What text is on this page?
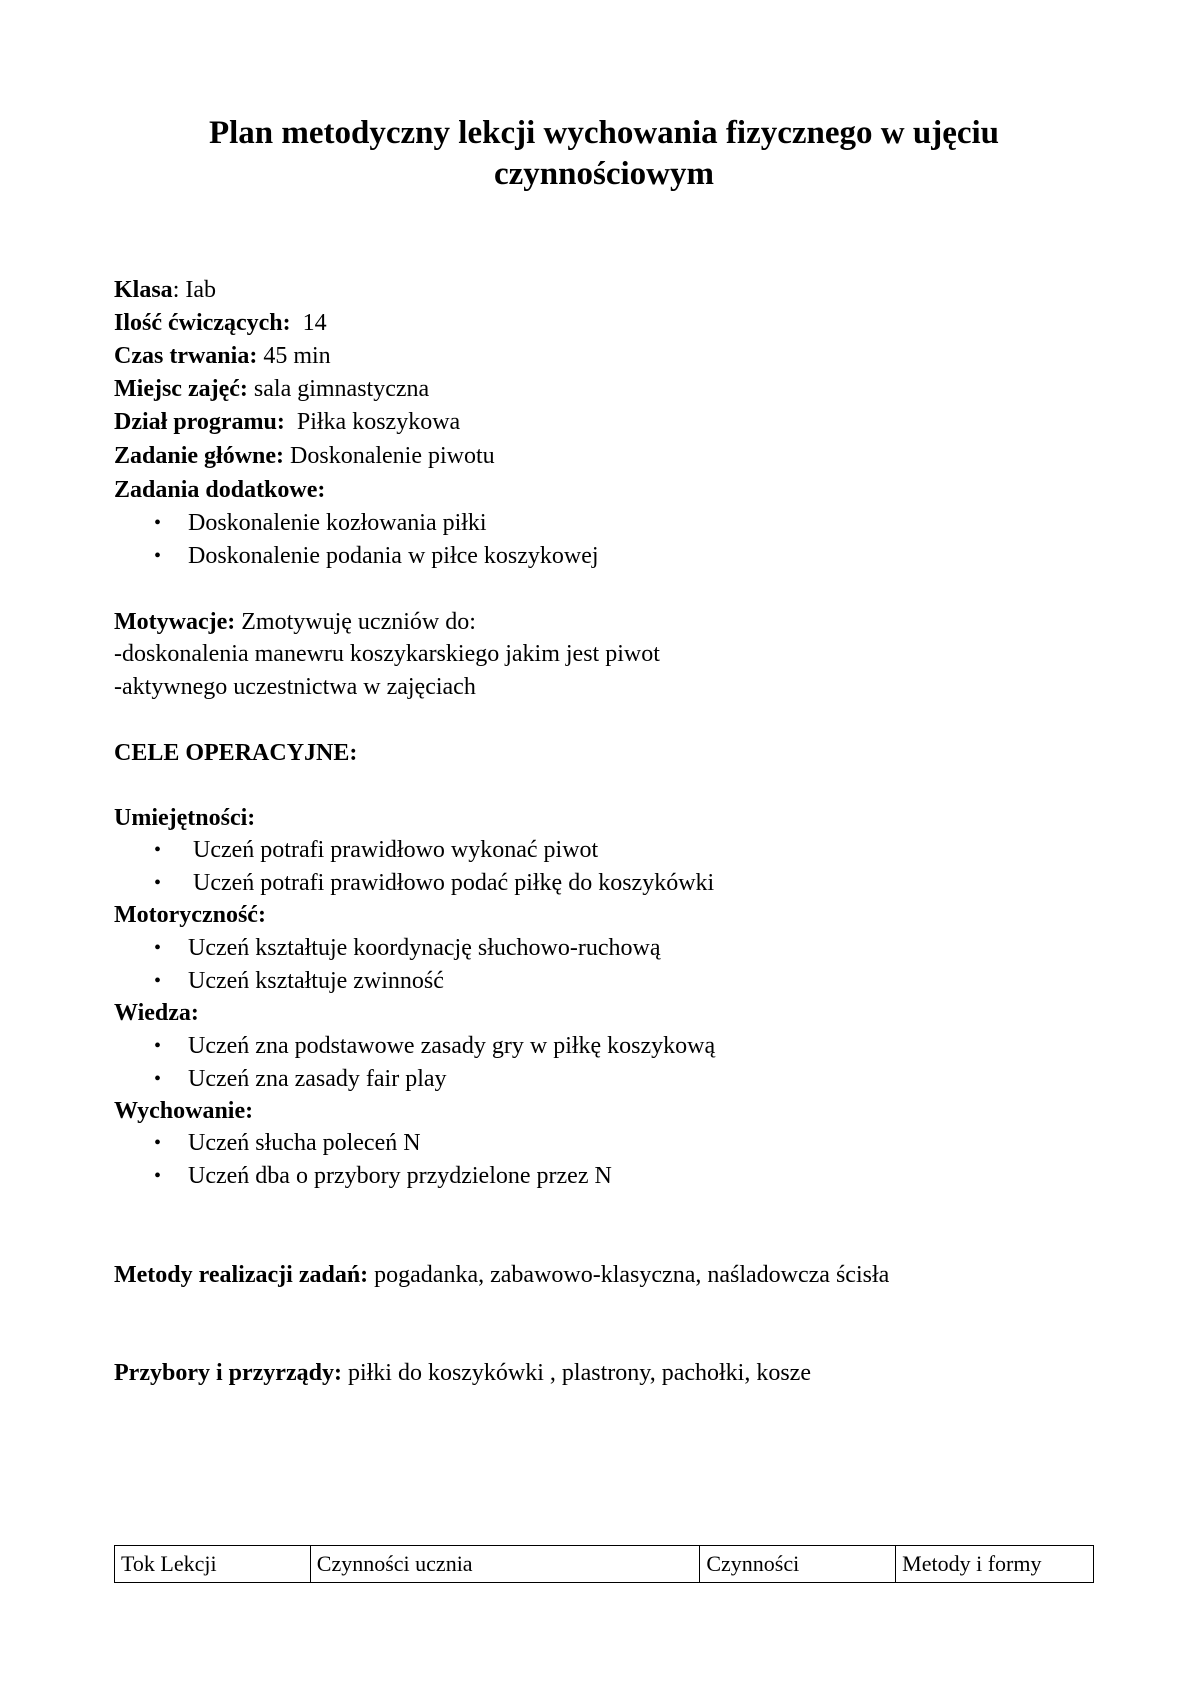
Plan metodyczny lekcji wychowania fizycznego w ujęciu
czynnościowym
Klasa: Iab
Ilość ćwiczących: 14
Czas trwania: 45 min
Miejsc zajęć: sala gimnastyczna
Dział programu: Piłka koszykowa
Zadanie główne: Doskonalenie piwotu
Zadania dodatkowe:
• Doskonalenie kozłowania piłki
• Doskonalenie podania w piłce koszykowej
Motywacje: Zmotywuję uczniów do:
-doskonalenia manewru koszykarskiego jakim jest piwot
-aktywnego uczestnictwa w zajęciach
CELE OPERACYJNE:
Umiejętności:
• Uczeń potrafi prawidłowo wykonać piwot
• Uczeń potrafi prawidłowo podać piłkę do koszykówki
Motoryczność:
• Uczeń kształtuje koordynację słuchowo-ruchową
• Uczeń kształtuje zwinność
Wiedza:
• Uczeń zna podstawowe zasady gry w piłkę koszykową
• Uczeń zna zasady fair play
Wychowanie:
• Uczeń słucha poleceń N
• Uczeń dba o przybory przydzielone przez N
Metody realizacji zadań: pogadanka, zabawowo-klasyczna, naśladowcza ścisła
Przybory i przyrządy: piłki do koszykówki , plastrony, pachołki, kosze
Tok Lekcji	Czynności ucznia	Czynności	Metody i formy
